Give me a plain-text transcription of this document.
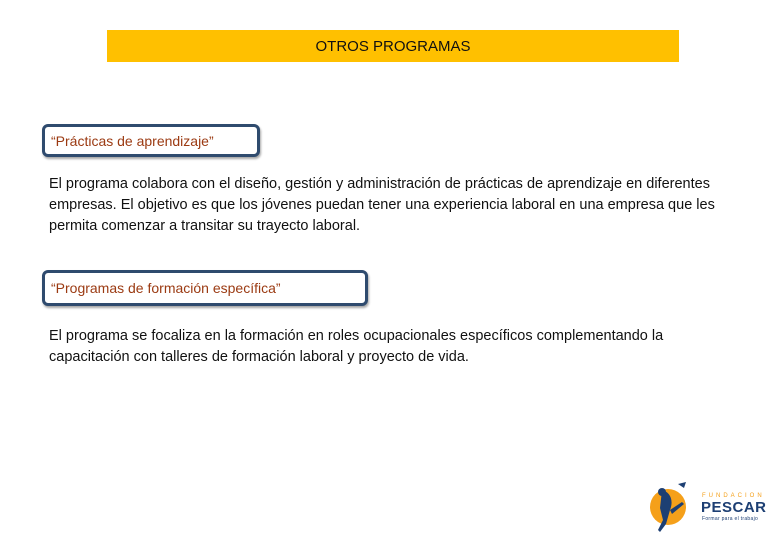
OTROS PROGRAMAS
“Prácticas de aprendizaje”

El programa colabora con el diseño, gestión y administración de prácticas de aprendizaje en diferentes empresas. El objetivo es que los jóvenes puedan tener una experiencia laboral en una empresa que les permita comenzar a transitar su trayecto laboral.

“Programas de formación específica”

El programa se focaliza en la formación en roles ocupacionales específicos complementando la capacitación con talleres de formación laboral y proyecto de vida.

FUNDACION
PESCAR
Formar para el trabajo
